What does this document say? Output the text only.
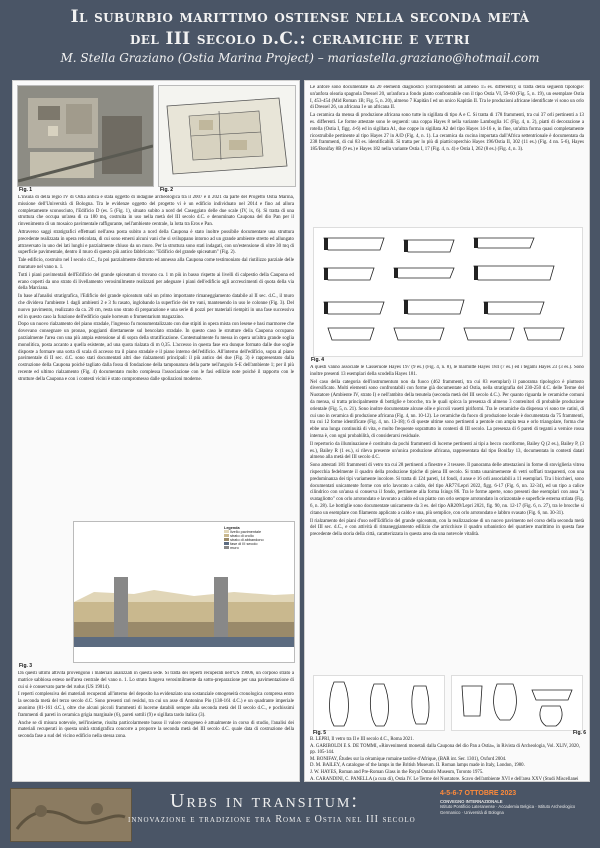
Il suburbio marittimo ostiense nella seconda metà
del III secolo d.C.: ceramiche e vetri
M. Stella Graziano (Ostia Marina Project) – mariastella.graziano@hotmail.com
Fig. 1	Fig. 2

L'insula di della regio IV di Ostia antica è stata oggetto di indagine archeologica tra il 2007 e il 2021 da parte del Progetto Ostia Marina, missione dell'Università di Bologna. Tra le evidenze oggetto del progetto vi è un edificio individuato nel 2014 e fino ad allora completamente sconosciuto, l'Edificio D (es. 5 (Fig. 1), situato subito a nord del Caseggiato delle due scale (IV, ix, 6). Si tratta di una struttura che occupa un'area di ca 180 mq, costruita in uso nella metà del III secolo d.C. e denominato Caupona del dio Pan per il rinvenimento di un mosaico pavimentale raffigurante, nell'ambiente centrale, la lotta tra Eros e Pan.

Attraverso saggi stratigrafici effettuati nell'area posta subito a nord della Caupona è stato inoltre possibile documentare una struttura precedente realizzata in opera reticolata, di cui sono emersi alcuni vani che si sviluppano intorno ad un grande ambiente stretto ed allungato attraversato in uno dei lati lunghi e parzialmente chiuso da un muro. Per la struttura sono stati indagati, con un'estensione di oltre 30 mq di superficie pavimentale, dentro il muro di questo più antico fabbricato: "Edificio del grande spiceatum" (Fig. 2).

Tale edificio, costruito nel I secolo d.C., fu poi parzialmente distrutto ed annesso alla Caupona come testimoniato dal riutilizzo parziale delle murature nel vano n. 1.

Tutti i piani pavimentali dell'Edificio del grande spiceatum si trovano ca. 1 m più in basso rispetto ai livelli di calpestio della Caupona ed erano coperti da uno strato di livellamento verosimilmente realizzati per adeguare i piani dell'edificio agli accrescimenti di quota della via della Marciana.

In base all'analisi stratigrafica, l'Edificio del grande spiceatum subì un primo importante rimaneggiamento databile al II sec. d.C., il muro che divideva l'ambiente 1 dagli ambienti 2 e 3 fu rasato, inglobando la superficie dei tre vani, mantenendo in uso le colonne (Fig. 3). Del nuovo pavimento, realizzato da ca. 20 cm, resta uno strato di preparazione e una serie di pozzi per materiali riempiti in una fase successiva ed in questo caso la funzione dell'edificio quale horreum o frumentarium magazzino.

Dopo un nuovo rialzamento del piano stradale, l'ingresso fu monumentalizzato con due stipiti in opera mista con lesene e basi marmoree che dovevano consegnare un pronao, poggianti direttamente sul bencolato stradale. In questo caso le strutture della Caupona occupano parzialmente l'area con una più ampia estensione al di sopra della stratificazione. Contestualmente fu messa in opera un'altra grande soglia monolitica, posta accanto a quella esistente, ad una quota rialzata di m 0,35. L'accesso in questa fase era dunque formato dalle due soglie disposte a formare una sorta di scala di accesso tra il piano stradale e il piano interno dell'edificio. All'interno dell'edificio, sopra al piano pavimentale di II sec. d.C. sono stati documentati altri due rialzamenti principali: il più antico dei due (Fig. 3) è rappresentato dalla costruzione della Caupona poiché tagliato dalla fossa di fondazione della tamponatura della parte nell'angolo S-E dell'ambiente 1; per il più recente ed ultimo rialzamento (Fig. 4) documentato molto complessa l'associazione con le fasi edilizie note poiché il rapporto con le strutture della Caupona e con i contesti vicini è stato compromesso dalle spoliazioni moderne.

Legenda
livello pavimentale
strato di crollo
strato di abbandono
fase di III secolo
muro
Fig. 3

Da questi ultimi attività provengono i materiali analizzati in questa sede. Si tratta dei reperti recuperati nell'US 19006, un corposo strato a matrice sabbiosa esteso nell'area centrale del vano n. 1. Lo strato fungeva verosimilmente da sotto-preparazione per una pavimentazione di cui si è conservato parte del rudus (US 19014).

I reperti complessiva dei materiali recuperati all'interno del deposito ha evidenziato una sostanziale omogeneità cronologica compresa entro la seconda metà del terzo secolo d.C. Sono presenti rari residui, tra cui un asse di Antonino Pio (138-161 d.C.) e un quadrante imperiale anonimo (81-161 d.C.), oltre che alcuni piccoli frammenti di lucerne databili sempre alla seconda metà del II secolo d.C., e pochissimi frammenti di pareti in ceramica grigia marginale (6), pareti sottili (9) e sigillata tardo italica (3).

Anche se di misura notevole, nell'insieme, risulta particolarmente basso il valore omogeneo è attualmente in corso di studio, l'analisi dei materiali recuperati in questa unità stratigrafica concorre a proporre la seconda metà del III secolo d.C. quale data di costruzione della seconda fase a sud del vicino edificio nella stessa zona.

Le anfore sono documentate da 20 elementi diagnostici (corrispondenti ad almeno 15 es. differenti); si tratta della seguenti tipologie: un'anfora olearia spagnola Dressel 20, un'anfora a fondo piatto confrontabile con il tipo Ostia VI, 59-60 (Fig. 5, n. 19), un esemplare Ostia I, 453-454 (Mid Roman 1B; Fig. 5, n. 20), almeno 7 Kapitän I ed un unico Kapitän II. Tra le produzioni africane identificate vi sono un orlo di Dressel 26, un africana I e un africana II.

La ceramica da mensa di produzione africana sono tutte in sigillata di tipo A e C. Si tratta di 178 frammenti, tra cui 37 orli pertinenti a 13 es. differenti. Le forme attestate sono le seguenti: una coppa Hayes 8 nella variante Lamboglia 1C (Fig. 4, n. 2), piatti di decorazione a rotella (Ostia I, figg. 4-6) ed in sigillata A1, due coppe in sigillata A2 del tipo Hayes 14-16 e, in fine, un'altra forma quasi completamente ricostruibile pertinente al tipo Hayes 27 in A/D (Fig. 4, n. 1). La ceramica da cucina importata dall'Africa settentrionale è documentata da 238 frammenti, di cui 83 es. identificabili. Si tratta per lo più di piatti/coperchio Hayes 196/Ostia II, 302 (11 es.) (Fig. 4 nn. 5-6), Hayes 185/Bonifay 8B (9 es.) e Hayes 182 nella variante Ostia I, 17 (Fig. 4, n. 4) e Ostia I, 262 (8 es.) (Fig. 4, n. 3).

Fig. 4

A questi vanno associate le Casseruole Hayes 197 (9 es.) (Fig. 4, n. 8), le marmitte Hayes 184 (7 es.) ed i tegami Hayes 23 (3 es.). Sono inoltre presenti 13 esemplari della scodella Hayes 181.

Nel caso della categoria dell'instrumentum non da fuoco (462 frammenti, tra cui 83 esemplari) il panorama tipologico è piuttosto diversificato. Molti elementi sono confrontabili con forme già documentate ad Ostia, nella stratigrafia del 230-250 d.C. delle Terme del Nuotatore (Ambiente IV, strato I) e nell'ambito della tenutela (seconda metà del III secolo d.C.). Per quanto riguarda le ceramiche comuni da mensa, si tratta principalmente di bottiglie e brocche, tra le quali spicca la presenza di almeno 3 contenitori di probabile produzione orientale (Fig. 5, n. 21). Sono inoltre documentate alcune olle e piccoli vasetti piriformi. Tra le ceramiche da dispensa vi sono tre catini, di cui uno in ceramica di produzione africana (Fig. 4, nn. 10-12). Le ceramiche da fuoco di produzione locale è documentata da 75 frammenti, tra cui 12 forme identificate (Fig. 4, nn. 13-18); 6 di queste ultime sono pertinenti a pentole con ampia tesa e orlo triangolare, forma che ebbe una lunga continuità di vita, e molto frequente soprattutto in contesti di III secolo. La presenza di 6 pareti di tegami a vernice rossa interna è, con ogni probabilità, di considerarsi residuale.

Il repertorio da illuminazione è costituito da pochi frammenti di lucerne pertinenti ai tipi a becco cuoriforme, Bailey Q (2 es.), Bailey P, (3 es.), Bailey R (1 es.), si rileva presente un'unica produzione africana, rappresentata dal tipo Bonifay 13, documentata in contesti datati almeno alla metà del III secolo d.C.

Sono attestati 181 frammenti di vetro tra cui 28 pertinenti a finestre e 3 tessere. Il panorama delle attestazioni in forme di stoviglieria vitrea rispecchia fedelmente il quadro della produzione tipiche di piena III secolo. Si tratta unanimemente di vetri soffiati trasparenti, con una predominanza dei tipi variamente incolore. Si tratta di 124 pareti, 14 fondi, 4 anse e 16 orli associabili a 11 esemplari. Tra i bicchieri, sono documentati unicamente forme con orlo lavorato a caldo, del tipo AR77/Lepri 2022, figg. 6-17 (Fig. 6, nn. 32-34), ed un tipo a calice cilindrico con un'ansa si conserva il fondo, pertinente alla forma Isings 86. Tra le forme aperte, sono presenti due esemplari con ansa "a svatagliotto" con orlo arrotondato e lavorato a caldo ed un piatto con orlo sempre arrotondato in orizzontale e superficie esterna striata (Fig. 6, n. 28). Le bottiglie sono documentate unicamente da 3 es. del tipo AR209/Lepri 2021, fig. 90, nn. 12-17 (Fig. 6, n. 27), tra le brocche si citano un esemplare con filamento applicato a caldo e una, più semplice, con orlo arrotondato e labbro svasato (Fig. 6, nn. 30-31).

Il rialzamento dei piani d'uso nell'Edificio del grande spiceatum, con la realizzazione di un nuovo pavimento nel corso della seconda metà del III sec. d.C., e con attività di rimaneggiamento edilizio che arricchisce il quadro urbanistico del quartiere marittimo in questa fase precedente della storia della città, caratterizzata in questa area da una notevole vitalità.

Fig. 5	Fig. 6

B. LEPRI, Il vetro tra II e III secolo d.C., Roma 2021.

A. GARIBOLDI E S. DE TOMMI, «Rinvenimenti monetali dalla Caupona del dio Pan a Ostia», in Rivista di Archeologia, Vol. XLIV, 2020, pp. 105-144.

M. BONIFAY, Études sur la céramique romaine tardive d'Afrique, (BAR int. Ser. 1301), Oxford 2004.

D. M. BAILEY, A catalogue of the lamps in the British Museum. II. Roman lamps made in Italy, London, 1980.

J. W. HAYES, Roman and Pre-Roman Glass in the Royal Ontario Museum, Toronto 1975.

A. CARANDINI, C. PANELLA (a cura di), Ostia IV. Le Terme del Nuotatore. Scavo dell'ambiente XVI e dell'area XXV (Studi Miscellanei

Urbs in transitum:
innovazione e tradizione tra Roma e Ostia nel III secolo
4-5-6-7 OTTOBRE 2023
CONVEGNO INTERNAZIONALE
Istituto Pontificio Lateranense · Accademia Belgica · Istituto Archeologico Germanico · Università di Bologna
